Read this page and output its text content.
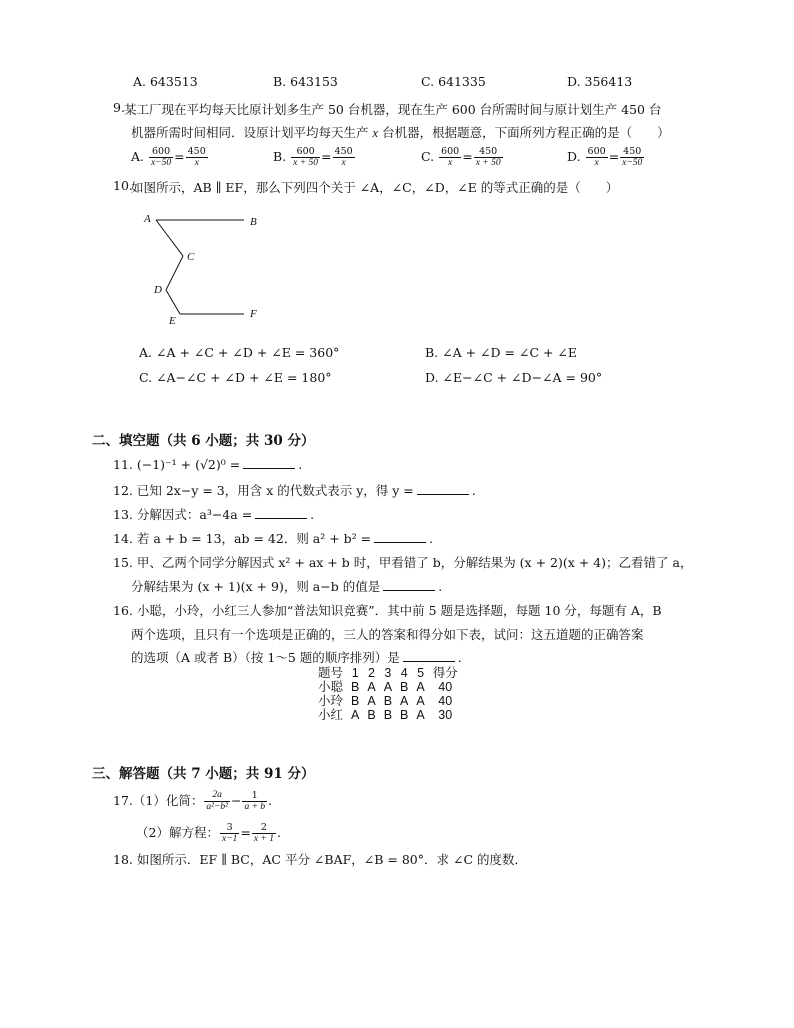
A. 643513	B. 643153	C. 641335	D. 356413
9. 某工厂现在平均每天比原计划多生产 50 台机器，现在生产 600 台所需时间与原计划生产 450 台
机器所需时间相同．设原计划平均每天生产 x 台机器，根据题意，下面所列方程正确的是（　　）
A. $\frac{600}{x-50} = \frac{450}{x}$	B. $\frac{600}{x + 50} = \frac{450}{x}$	C. $\frac{600}{x} = \frac{450}{x + 50}$	D. $\frac{600}{x} = \frac{450}{x-50}$
10.
如图所示，AB ∥ EF，那么下列四个关于 ∠A，∠C，∠D，∠E 的等式正确的是（　　）
A	B
C
D
E
F
A. ∠A + ∠C + ∠D + ∠E = 360°	B. ∠A + ∠D = ∠C + ∠E
C. ∠A−∠C + ∠D + ∠E = 180°	D. ∠E−∠C + ∠D−∠A = 90°
二、填空题（共 6 小题；共 30 分）
11. (−1)⁻¹ + (√2)⁰ =	.
12. 已知 2x−y = 3，用含 x 的代数式表示 y，得 y =	.
13. 分解因式：a³−4a =	.
14. 若 a + b = 13，ab = 42．则 a² + b² =	.
15. 甲、乙两个同学分解因式 x² + ax + b 时，甲看错了 b，分解结果为 (x + 2)(x + 4)；乙看错了 a，
分解结果为 (x + 1)(x + 9)，则 a−b 的值是	.
16. 小聪，小玲，小红三人参加“普法知识竞赛”．其中前 5 题是选择题，每题 10 分，每题有 A，B
两个选项，且只有一个选项是正确的，三人的答案和得分如下表，试问：这五道题的正确答案
的选项（A 或者 B）（按 1～5 题的顺序排列）是	.
题号	1	2	3	4	5	得分
小聪	B	A	A	B	A	40
小玲	B	A	B	A	A	40
小红	A	B	B	B	A	30
三、解答题（共 7 小题；共 91 分）
17.（1）化简： $\frac{2a}{\text{a²−b²}} - \frac{1}{a + b}$ .
（2）解方程： $\frac{3}{x-1} = \frac{2}{x + 1}$ .
18. 如图所示．EF ∥ BC，AC 平分 ∠BAF，∠B = 80°．求 ∠C 的度数．
